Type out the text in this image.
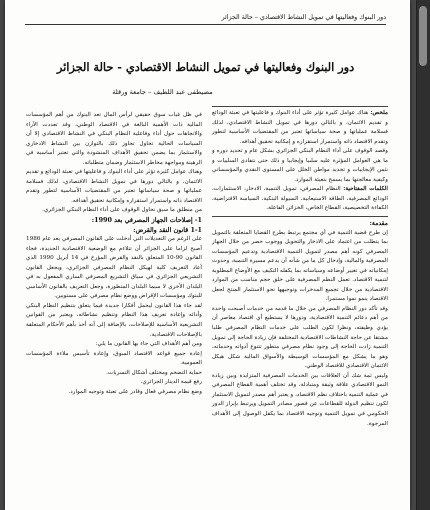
دور البنوك وفعاليتها في تمويل النشاط الاقتصادي – حالة الجزائر
دور البنوك وفعاليتها في تمويل النشاط الاقتصادي - حالة الجزائر
مصيطفى عبد اللطيف – جامعة ورقلة

ملخص: هناك عوامل كثيرة تؤثر على أداء البنوك و فاعليتها في تعبئة الودائع و تقديم الائتمان، و بالتالي دورها في تمويل النشاط الاقتصادي، لذلك فسلامة عملياتها و صحة سياساتها تعتبر من المقتضيات الأساسية لتطور وتقدم الاقتصاد ذاته واستمرار استقراره و إمكانية تحقيق أهدافه.

وقصد الوقوف على أداء النظام البنكي الجزائري بشكل عام و تحديد دوره و ما هي العوامل المؤثرة عليه سلبيا وإيجابيا و ذلك حتى نتفادى السلبيات و نثمن الإيجابيات و تحديد مواطن الخلل على المستوى النقدي والمؤسساتي وكيفية معالجتها بما يسمح بتعبئة الموارد.

الكلمات المفتاحية: النظام المصرفي، تمويل التنمية، الادخار، الاستثمارات، الودائع المصرفية، الطاقة الاستيعابية، السيولة البنكية، السياسة الاقتراضية، الكفاءة التخصيصية، القطاع الخاص، الخزائن الفاعلة.

مقدمة:

إن طرح قضية التنمية في أي مجتمع يرتبط بطرح القضايا المتعلقة بالتمويل بما يتطلب من اعتماد على الادخار والتحويل ووجوب حصر من خلال الجهاز المصرفي كونه أهم مصدر لتمويل التنمية الاقتصادية وتدعيم المؤسسات المصرفية والمالية، وإدخال كل ما من شأنه أن يدعم مسيرة التنمية، وحدوث إمكانياته في تغيير أوضاعه وسياساته بما يكفله التكيف مع الأوضاع المطلوبة لتنمية الاقتصاد. تعمل النظم المصرفية على خلق حجم مناسب من الموارد الاقتصادية من خلال تجميع المدخرات وتوجيهها نحو الاستثمار المنتج لجعل الاقتصاد ينمو نموا مستمرا.

وقد تأكد دور النظام المصرفي من خلال ما قدمه من خدمات أصبحت واحدة من أهم دعائم التنمية الاقتصادية، ودورها لا يستطيع أي اقتصاد معاصر أن يؤدي وظيفته، ونظرا لكون الطلب على خدمات النظام المصرفي طلبا مشتقا عن حاجة النشاطات الاقتصادية المختلفة فإن زيادة الحاجة إلى تمويل التنمية زادت الحاجة إلى وجود نظام مصرفي متطور تتنوع أدواته وخدماته، وهو ما يشكل مع المؤسسات الوسيطة والأسواق المالية شكل هيكل الائتمان الاقتصادي للاقتصاد الوطني.

وليس ثمة شك أن العلاقات بين الخدمات المصرفية المتزايدة وبين زيادة النمو الاقتصادي علاقة وثيقة ومتبادلة، وقد تختلف أهمية القطاع المصرفي في عملية التنمية باختلاف نظم الاقتصاد، و يعتبر أهم مصدر لتمويل الاستثمار لكون تنظيم الدولة للقطاعات عن قصور مصادر التمويل ويرتبط بإبراز الدور الحكومي في تمويل التنمية وتوجيه الاقتصاد بما يكفل الوصول إلى الأهداف المرجوة.

في ظل غياب سوق حقيقي لرأس المال تعد البنوك من أهم المؤسسات المالية ذات الأهمية البالغة في الاقتصاد الوطني، وقد تعددت الآراء والاتجاهات حول أداء وفاعلية النظام البنكي في النشاط الاقتصادي إلا أن السياسات الحالية تحاول تجاوز ذلك بالتوازن بين النشاط الادخاري والاستثمار بما يضمن تحقيق الأهداف المنشودة والتي تعتبر أساسية في الرهينة ومواجهة مخاطر الاستثمار وضمان متطلباته.

وهناك عوامل كثيرة تؤثر على أداء البنوك و فاعليتها في تعبئة الودائع و تقديم الائتمان، و بالتالي دورها في تمويل النشاط الاقتصادي، لذلك فسلامة عملياتها و صحة سياساتها تعتبر من المقتضيات الأساسية لتطور وتقدم الاقتصاد ذاته واستمرار استقراره وإمكانية تحقيق أهدافه.

من منطلق ما سبق نحاول الوقوف على أداء النظام البنكي الجزائري.

1- إصلاحات الجهاز المصرفي بعد 1990:

1-1 قانون النقد والقرض:

على الرغم من التعديلات التي أدخلت على القانون المصرفي بعد عام 1986 أصبح لزاما على الجزائر أن تتلاءم مع الوضعية الاقتصادية الجديدة، فجاء القانون 90-10 المتعلق بالنقد والقرض المؤرخ في 14 أبريل 1990 الذي أعاد التعريف كلية لهيكل النظام المصرفي الجزائري، ويجعل القانون التشريعي الجزائري في سياق التشريع المصرفي الساري المفعول به في البلدان الأخرى لا سيما البلدان المتطورة، وجعل التعريف بالقانون الأساسي للبنوك ومؤسسات الإقراض ووضع نظام مصرفي على مستويين.

لقد جاء هذا القانون ليحمل أفكارا جديدة فيما يتعلق بتنظيم النظام البنكي وأدائه وإعادة تعريف هذا النظام وتنظيم نشاطاته، ويعتبر من القوانين التشريعية الأساسية للإصلاحات، بالإضافة إلى أنه أخذ بأهم الأحكام المتعلقة بالإصلاحات الاقتصادية.

ومن أهم الأهداف التي جاء بها القانون ما يلي:

إعادة جميع قواعد الاقتصاد السوق، وإعادة تأسيس ملاءة المؤسسات العمومية.

حماية التضخم ومختلف أشكال التسربات.

رفع قيمة الدينار الجزائري.

وضع نظام مصرفي فعال وقادر على تعبئة وتوجيه الموارد.
